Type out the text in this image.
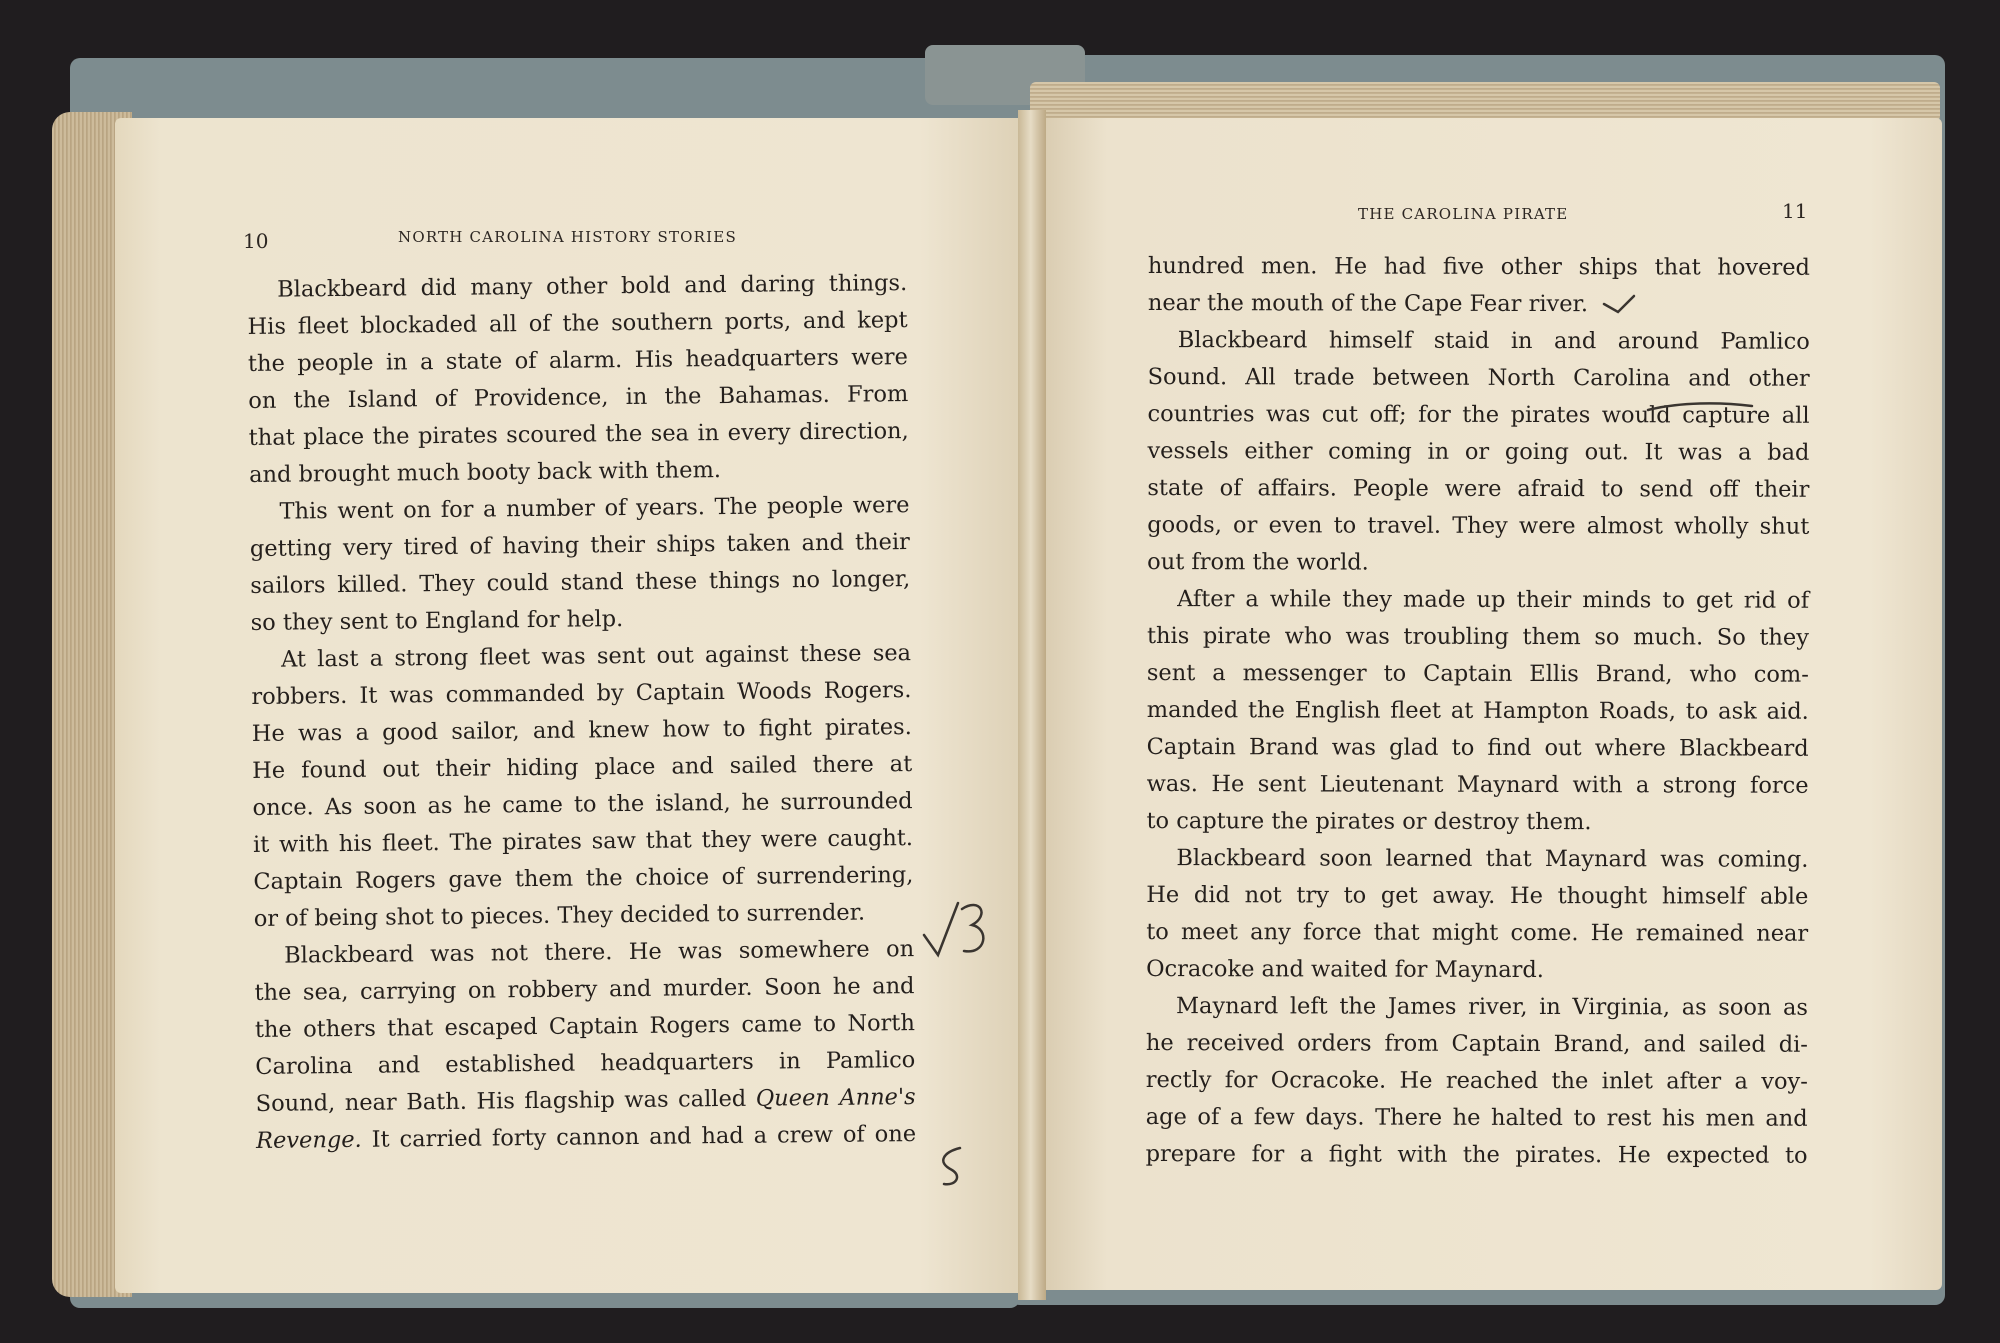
10	NORTH CAROLINA HISTORY STORIES
11
THE CAROLINA PIRATE
Blackbeard did many other bold and daring things.
His fleet blockaded all of the southern ports, and kept
the people in a state of alarm. His headquarters were
on the Island of Providence, in the Bahamas. From
that place the pirates scoured the sea in every direction,
and brought much booty back with them.
This went on for a number of years. The people were
getting very tired of having their ships taken and their
sailors killed. They could stand these things no longer,
so they sent to England for help.
At last a strong fleet was sent out against these sea
robbers. It was commanded by Captain Woods Rogers.
He was a good sailor, and knew how to fight pirates.
He found out their hiding place and sailed there at
once. As soon as he came to the island, he surrounded
it with his fleet. The pirates saw that they were caught.
Captain Rogers gave them the choice of surrendering,
or of being shot to pieces. They decided to surrender.
Blackbeard was not there. He was somewhere on
the sea, carrying on robbery and murder. Soon he and
the others that escaped Captain Rogers came to North
Carolina and established headquarters in Pamlico
Sound, near Bath. His flagship was called Queen Anne's
Revenge. It carried forty cannon and had a crew of one
hundred men. He had five other ships that hovered
near the mouth of the Cape Fear river.
Blackbeard himself staid in and around Pamlico
Sound. All trade between North Carolina and other
countries was cut off; for the pirates would capture all
vessels either coming in or going out. It was a bad
state of affairs. People were afraid to send off their
goods, or even to travel. They were almost wholly shut
out from the world.
After a while they made up their minds to get rid of
this pirate who was troubling them so much. So they
sent a messenger to Captain Ellis Brand, who com-
manded the English fleet at Hampton Roads, to ask aid.
Captain Brand was glad to find out where Blackbeard
was. He sent Lieutenant Maynard with a strong force
to capture the pirates or destroy them.
Blackbeard soon learned that Maynard was coming.
He did not try to get away. He thought himself able
to meet any force that might come. He remained near
Ocracoke and waited for Maynard.
Maynard left the James river, in Virginia, as soon as
he received orders from Captain Brand, and sailed di-
rectly for Ocracoke. He reached the inlet after a voy-
age of a few days. There he halted to rest his men and
prepare for a fight with the pirates. He expected to
